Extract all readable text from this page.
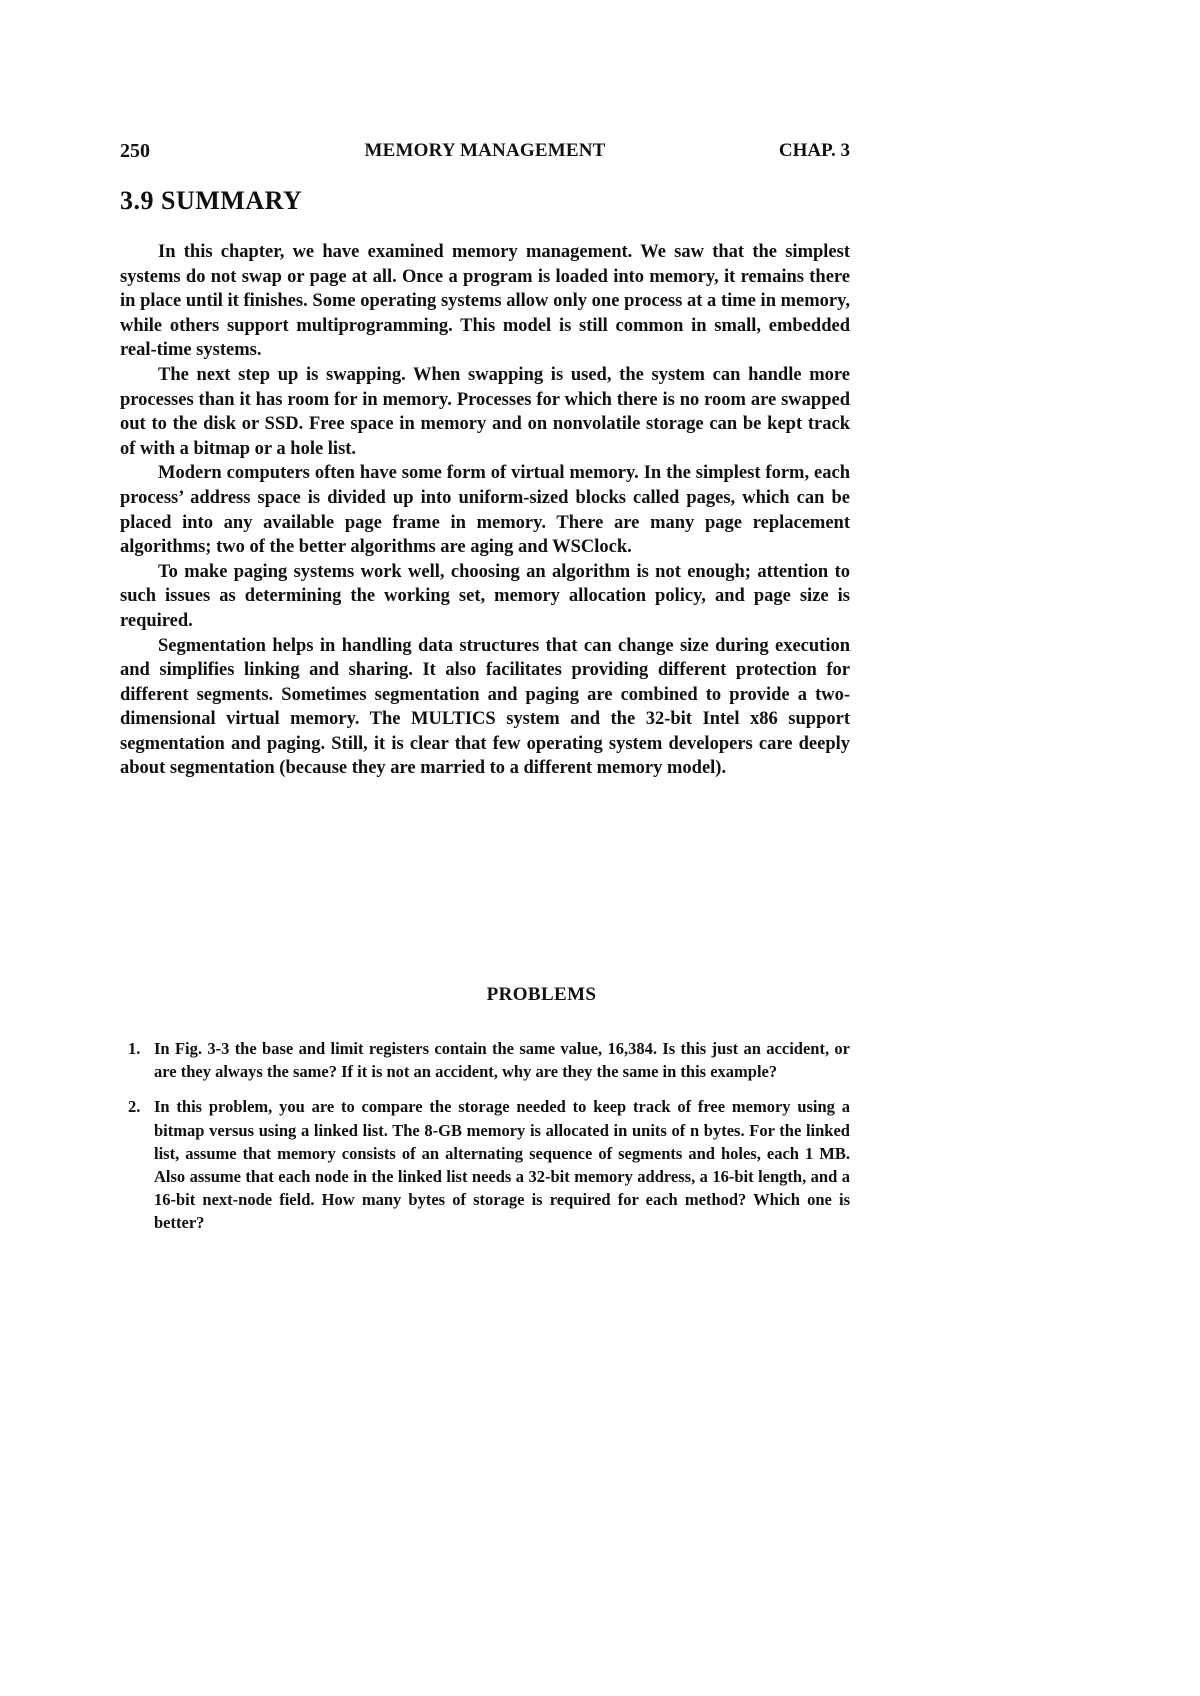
250	MEMORY MANAGEMENT	CHAP. 3
3.9 SUMMARY

In this chapter, we have examined memory management. We saw that the simplest systems do not swap or page at all. Once a program is loaded into memory, it remains there in place until it finishes. Some operating systems allow only one process at a time in memory, while others support multiprogramming. This model is still common in small, embedded real-time systems.

The next step up is swapping. When swapping is used, the system can handle more processes than it has room for in memory. Processes for which there is no room are swapped out to the disk or SSD. Free space in memory and on nonvolatile storage can be kept track of with a bitmap or a hole list.

Modern computers often have some form of virtual memory. In the simplest form, each process’ address space is divided up into uniform-sized blocks called pages, which can be placed into any available page frame in memory. There are many page replacement algorithms; two of the better algorithms are aging and WSClock.

To make paging systems work well, choosing an algorithm is not enough; attention to such issues as determining the working set, memory allocation policy, and page size is required.

Segmentation helps in handling data structures that can change size during execution and simplifies linking and sharing. It also facilitates providing different protection for different segments. Sometimes segmentation and paging are combined to provide a two-dimensional virtual memory. The MULTICS system and the 32-bit Intel x86 support segmentation and paging. Still, it is clear that few operating system developers care deeply about segmentation (because they are married to a different memory model).

PROBLEMS
1. In Fig. 3-3 the base and limit registers contain the same value, 16,384. Is this just an accident, or are they always the same? If it is not an accident, why are they the same in this example?
2. In this problem, you are to compare the storage needed to keep track of free memory using a bitmap versus using a linked list. The 8-GB memory is allocated in units of n bytes. For the linked list, assume that memory consists of an alternating sequence of segments and holes, each 1 MB. Also assume that each node in the linked list needs a 32-bit memory address, a 16-bit length, and a 16-bit next-node field. How many bytes of storage is required for each method? Which one is better?
